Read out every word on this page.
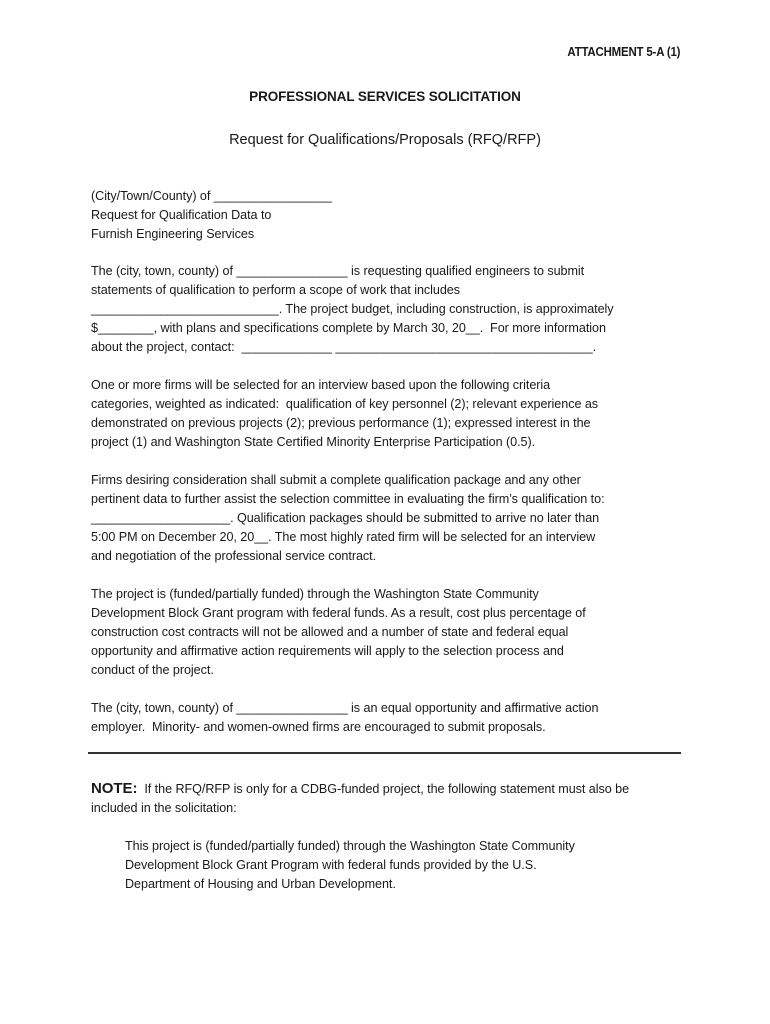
ATTACHMENT 5-A (1)
PROFESSIONAL SERVICES SOLICITATION
Request for Qualifications/Proposals (RFQ/RFP)
(City/Town/County) of _________________
Request for Qualification Data to
Furnish Engineering Services
The (city, town, county) of ________________ is requesting qualified engineers to submit
statements of qualification to perform a scope of work that includes
___________________________. The project budget, including construction, is approximately
$________, with plans and specifications complete by March 30, 20__.  For more information
about the project, contact:  _____________ _____________________________________.
One or more firms will be selected for an interview based upon the following criteria
categories, weighted as indicated:  qualification of key personnel (2); relevant experience as
demonstrated on previous projects (2); previous performance (1); expressed interest in the
project (1) and Washington State Certified Minority Enterprise Participation (0.5).
Firms desiring consideration shall submit a complete qualification package and any other
pertinent data to further assist the selection committee in evaluating the firm’s qualification to:
____________________. Qualification packages should be submitted to arrive no later than
5:00 PM on December 20, 20__. The most highly rated firm will be selected for an interview
and negotiation of the professional service contract.
The project is (funded/partially funded) through the Washington State Community
Development Block Grant program with federal funds. As a result, cost plus percentage of
construction cost contracts will not be allowed and a number of state and federal equal
opportunity and affirmative action requirements will apply to the selection process and
conduct of the project.
The (city, town, county) of ________________ is an equal opportunity and affirmative action
employer.  Minority- and women-owned firms are encouraged to submit proposals.
NOTE:  If the RFQ/RFP is only for a CDBG-funded project, the following statement must also be
included in the solicitation:
This project is (funded/partially funded) through the Washington State Community
Development Block Grant Program with federal funds provided by the U.S.
Department of Housing and Urban Development.
